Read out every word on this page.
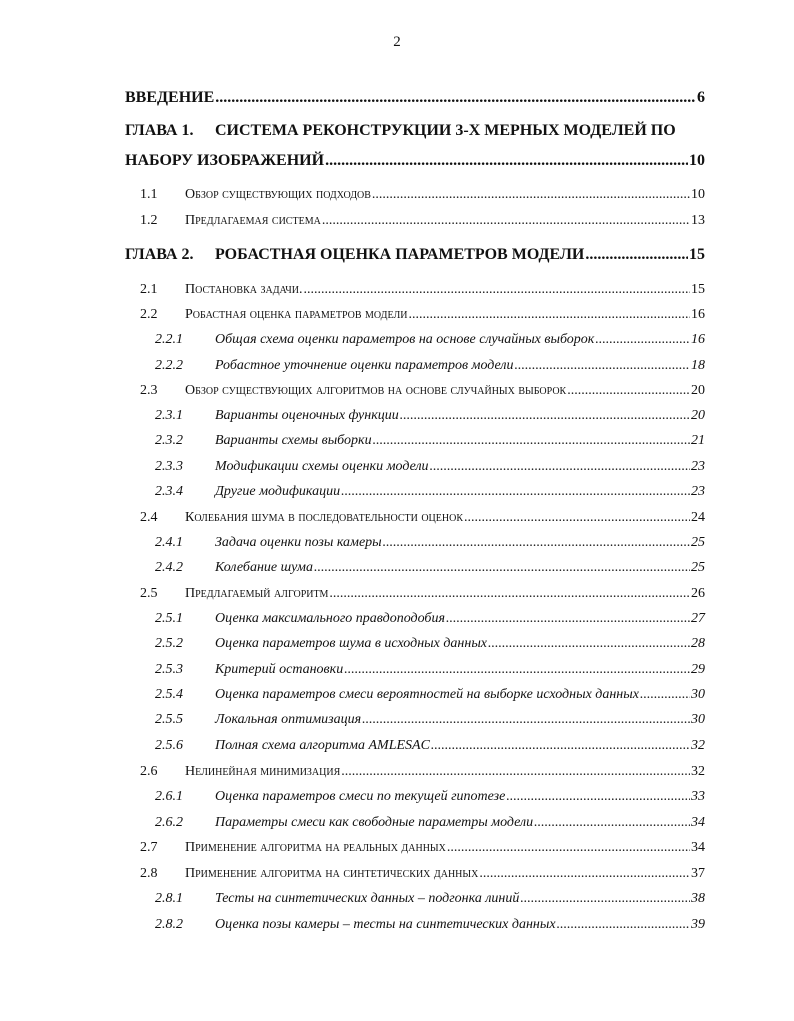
2
ВВЕДЕНИЕ .....	6
ГЛАВА 1. СИСТЕМА РЕКОНСТРУКЦИИ 3-Х МЕРНЫХ МОДЕЛЕЙ ПО
НАБОРУ ИЗОБРАЖЕНИЙ .....	10
1.1	Обзор существующих подходов .....	10
1.2	Предлагаемая система .....	13
ГЛАВА 2.	РОБАСТНАЯ ОЦЕНКА ПАРАМЕТРОВ МОДЕЛИ .....	15
2.1	Постановка задачи. .....	15
2.2	Робастная оценка параметров модели .....	16
2.2.1	Общая схема оценки параметров на основе случайных выборок .....	16
2.2.2	Робастное уточнение оценки параметров модели .....	18
2.3	Обзор существующих алгоритмов на основе случайных выборок .....	20
2.3.1	Варианты оценочных функции .....	20
2.3.2	Варианты схемы выборки .....	21
2.3.3	Модификации схемы оценки модели .....	23
2.3.4	Другие модификации .....	23
2.4	Колебания шума в последовательности оценок .....	24
2.4.1	Задача оценки позы камеры .....	25
2.4.2	Колебание шума .....	25
2.5	Предлагаемый алгоритм .....	26
2.5.1	Оценка максимального правдоподобия .....	27
2.5.2	Оценка параметров шума в исходных данных .....	28
2.5.3	Критерий остановки .....	29
2.5.4	Оценка параметров смеси вероятностей на выборке исходных данных .....	30
2.5.5	Локальная оптимизация .....	30
2.5.6	Полная схема алгоритма AMLESAC .....	32
2.6	Нелинейная минимизация .....	32
2.6.1	Оценка параметров смеси по текущей гипотезе .....	33
2.6.2	Параметры смеси как свободные параметры модели .....	34
2.7	Применение алгоритма на реальных данных .....	34
2.8	Применение алгоритма на синтетических данных .....	37
2.8.1	Тесты на синтетических данных – подгонка линий .....	38
2.8.2	Оценка позы камеры – тесты на синтетических данных .....	39
